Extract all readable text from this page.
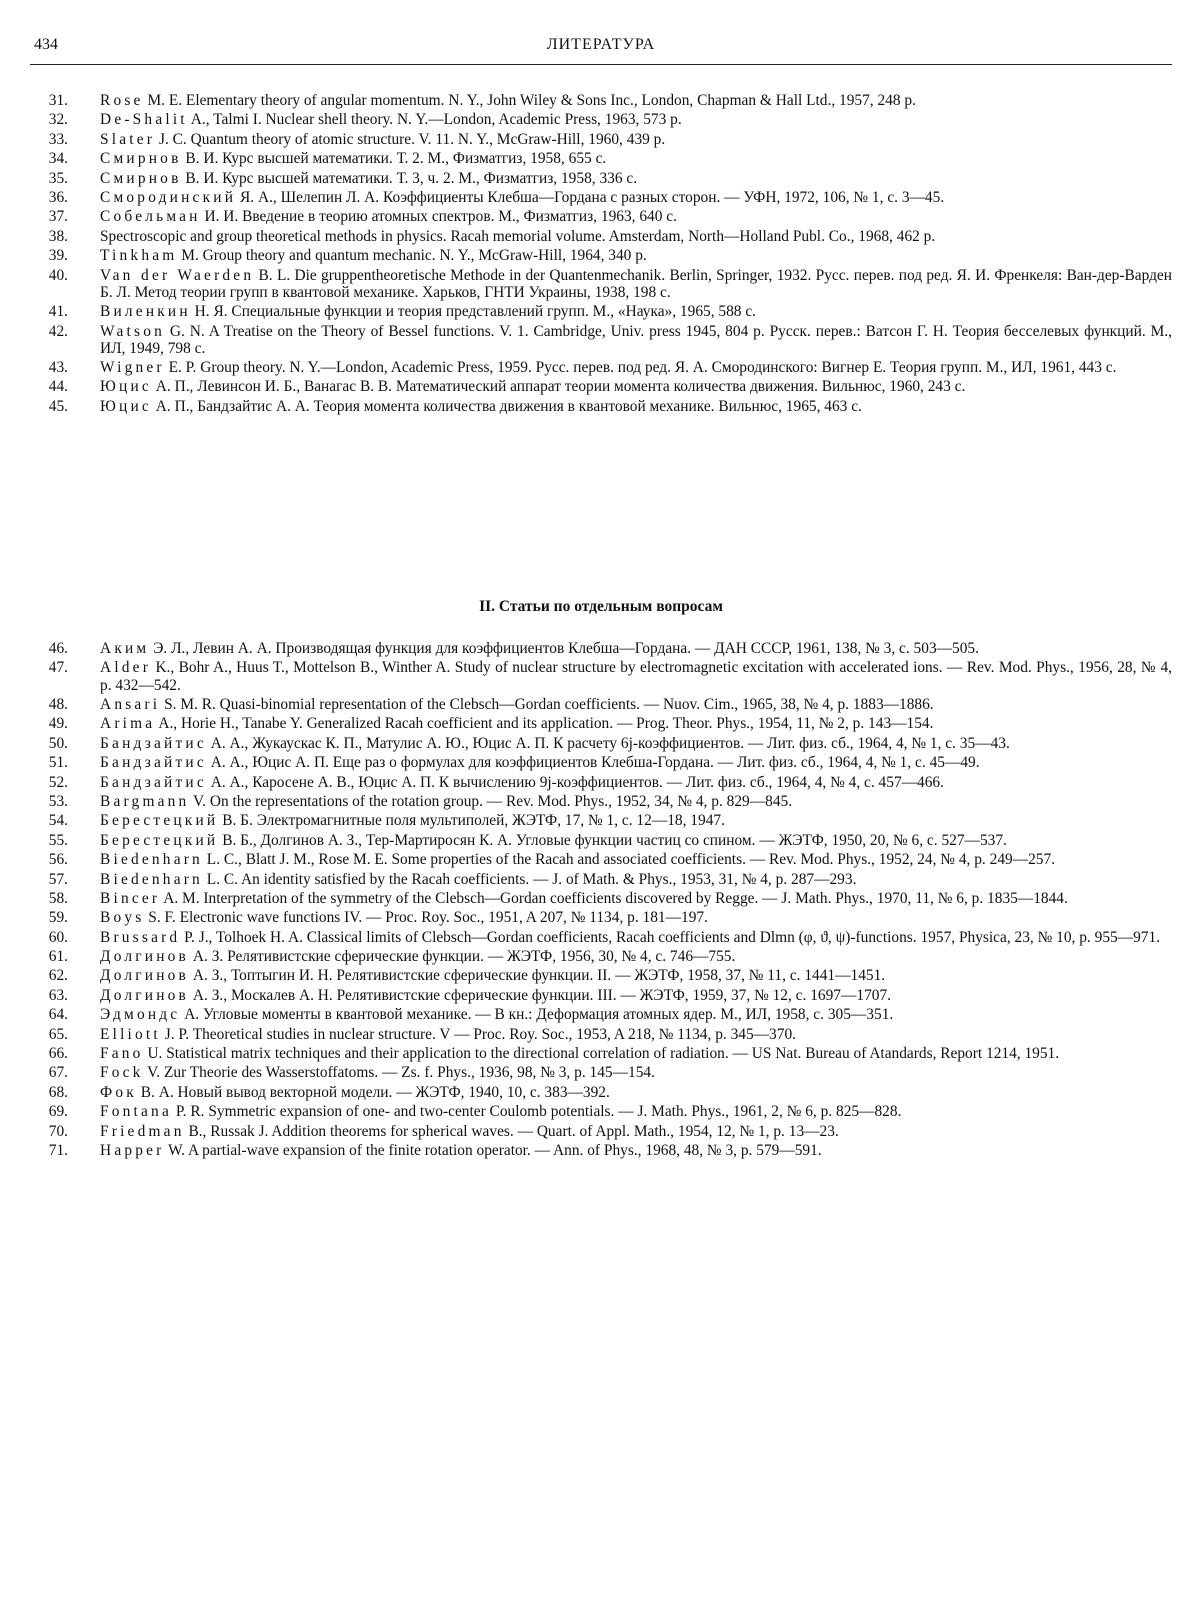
434	ЛИТЕРАТУРА

31. Rose M. E. Elementary theory of angular momentum. N. Y., John Wiley & Sons Inc., London, Chapman & Hall Ltd., 1957, 248 p.

32. De-Shalit A., Talmi I. Nuclear shell theory. N. Y.—London, Academic Press, 1963, 573 p.

33. Slater J. C. Quantum theory of atomic structure. V. 11. N. Y., McGraw-Hill, 1960, 439 p.

34. Смирнов В. И. Курс высшей математики. Т. 2. М., Физматгиз, 1958, 655 с.

35. Смирнов В. И. Курс высшей математики. Т. 3, ч. 2. М., Физматгиз, 1958, 336 с.

36. Смородинский Я. А., Шелепин Л. А. Коэффициенты Клебша—Гордана с разных сторон. — УФН, 1972, 106, № 1, с. 3—45.

37. Собельман И. И. Введение в теорию атомных спектров. М., Физматгиз, 1963, 640 с.

38. Spectroscopic and group theoretical methods in physics. Racah memorial volume. Amsterdam, North—Holland Publ. Co., 1968, 462 p.

39. Tinkham M. Group theory and quantum mechanic. N. Y., McGraw-Hill, 1964, 340 p.

40. Van der Waerden B. L. Die gruppentheoretische Methode in der Quantenmechanik. Berlin, Springer, 1932. Русс. перев. под ред. Я. И. Френкеля: Ван-дер-Варден Б. Л. Метод теории групп в квантовой механике. Харьков, ГНТИ Украины, 1938, 198 с.

41. Виленкин Н. Я. Специальные функции и теория представлений групп. М., «Наука», 1965, 588 с.

42. Watson G. N. A Treatise on the Theory of Bessel functions. V. 1. Cambridge, Univ. press 1945, 804 p. Русск. перев.: Ватсон Г. Н. Теория бесселевых функций. М., ИЛ, 1949, 798 с.

43. Wigner E. P. Group theory. N. Y.—London, Academic Press, 1959. Русс. перев. под ред. Я. А. Смородинского: Вигнер Е. Теория групп. М., ИЛ, 1961, 443 с.

44. Юцис А. П., Левинсон И. Б., Ванагас В. В. Математический аппарат теории момента количества движения. Вильнюс, 1960, 243 с.

45. Юцис А. П., Бандзайтис А. А. Теория момента количества движения в квантовой механике. Вильнюс, 1965, 463 с.

II. Статьи по отдельным вопросам

46. Аким Э. Л., Левин А. А. Производящая функция для коэффициентов Клебша—Гордана. — ДАН СССР, 1961, 138, № 3, с. 503—505.

47. Alder K., Bohr A., Huus T., Mottelson B., Winther A. Study of nuclear structure by electromagnetic excitation with accelerated ions. — Rev. Mod. Phys., 1956, 28, № 4, p. 432—542.

48. Ansari S. M. R. Quasi-binomial representation of the Clebsch—Gordan coefficients. — Nuov. Cim., 1965, 38, № 4, p. 1883—1886.

49. Arima A., Horie H., Tanabe Y. Generalized Racah coefficient and its application. — Prog. Theor. Phys., 1954, 11, № 2, p. 143—154.

50. Бандзайтис А. А., Жукаускас К. П., Матулис А. Ю., Юцис А. П. К расчету 6j-коэффициентов. — Лит. физ. сб., 1964, 4, № 1, с. 35—43.

51. Бандзайтис А. А., Юцис А. П. Еще раз о формулах для коэффициентов Клебша-Гордана. — Лит. физ. сб., 1964, 4, № 1, с. 45—49.

52. Бандзайтис А. А., Каросене А. В., Юцис А. П. К вычислению 9j-коэффициентов. — Лит. физ. сб., 1964, 4, № 4, с. 457—466.

53. Bargmann V. On the representations of the rotation group. — Rev. Mod. Phys., 1952, 34, № 4, p. 829—845.

54. Берестецкий В. Б. Электромагнитные поля мультиполей, ЖЭТФ, 17, № 1, с. 12—18, 1947.

55. Берестецкий В. Б., Долгинов А. З., Тер-Мартиросян К. А. Угловые функции частиц со спином. — ЖЭТФ, 1950, 20, № 6, с. 527—537.

56. Biedenharn L. C., Blatt J. M., Rose M. E. Some properties of the Racah and associated coefficients. — Rev. Mod. Phys., 1952, 24, № 4, p. 249—257.

57. Biedenharn L. C. An identity satisfied by the Racah coefficients. — J. of Math. & Phys., 1953, 31, № 4, p. 287—293.

58. Bincer A. M. Interpretation of the symmetry of the Clebsch—Gordan coefficients discovered by Regge. — J. Math. Phys., 1970, 11, № 6, p. 1835—1844.

59. Boys S. F. Electronic wave functions IV. — Proc. Roy. Soc., 1951, A 207, № 1134, p. 181—197.

60. Brussard P. J., Tolhoek H. A. Classical limits of Clebsch—Gordan coefficients, Racah coefficients and Dlmn (φ, ϑ, ψ)-functions. 1957, Physica, 23, № 10, p. 955—971.

61. Долгинов А. З. Релятивистские сферические функции. — ЖЭТФ, 1956, 30, № 4, с. 746—755.

62. Долгинов А. З., Топтыгин И. Н. Релятивистские сферические функции. II. — ЖЭТФ, 1958, 37, № 11, с. 1441—1451.

63. Долгинов А. З., Москалев А. Н. Релятивистские сферические функции. III. — ЖЭТФ, 1959, 37, № 12, с. 1697—1707.

64. Эдмондс А. Угловые моменты в квантовой механике. — В кн.: Деформация атомных ядер. М., ИЛ, 1958, с. 305—351.

65. Elliott J. P. Theoretical studies in nuclear structure. V — Proc. Roy. Soc., 1953, A 218, № 1134, p. 345—370.

66. Fano U. Statistical matrix techniques and their application to the directional correlation of radiation. — US Nat. Bureau of Atandards, Report 1214, 1951.

67. Fock V. Zur Theorie des Wasserstoffatoms. — Zs. f. Phys., 1936, 98, № 3, p. 145—154.

68. Фок В. А. Новый вывод векторной модели. — ЖЭТФ, 1940, 10, с. 383—392.

69. Fontana P. R. Symmetric expansion of one- and two-center Coulomb potentials. — J. Math. Phys., 1961, 2, № 6, p. 825—828.

70. Friedman B., Russak J. Addition theorems for spherical waves. — Quart. of Appl. Math., 1954, 12, № 1, p. 13—23.

71. Happer W. A partial-wave expansion of the finite rotation operator. — Ann. of Phys., 1968, 48, № 3, p. 579—591.
